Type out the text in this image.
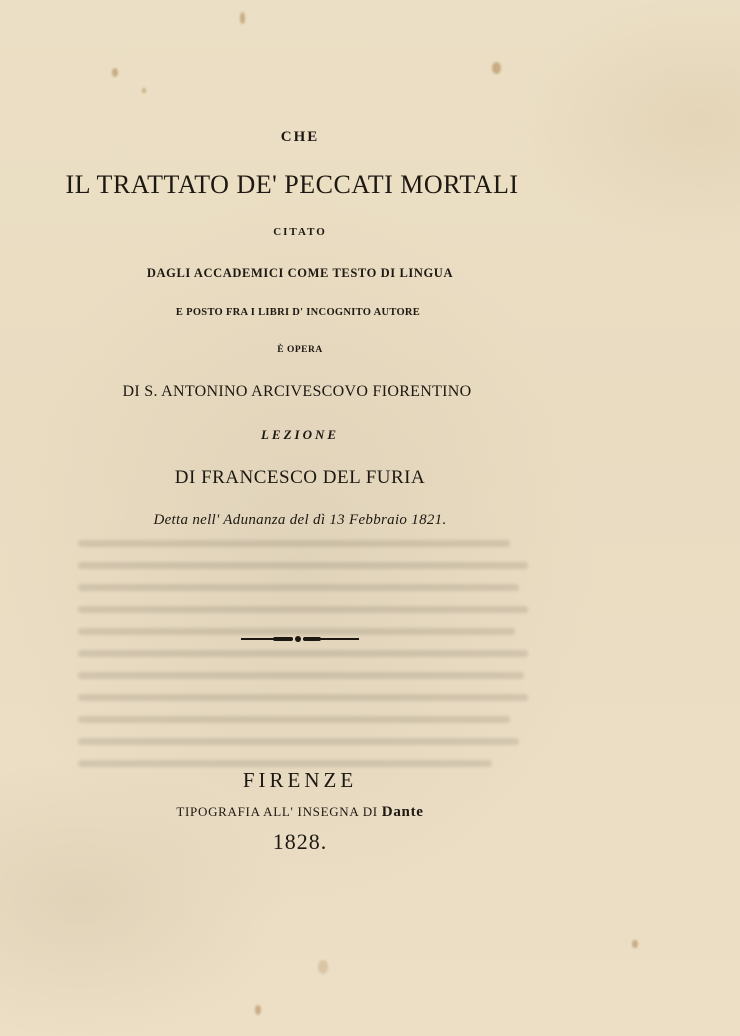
CHE
IL TRATTATO DE' PECCATI MORTALI
CITATO
DAGLI ACCADEMICI COME TESTO DI LINGUA
E POSTO FRA I LIBRI D' INCOGNITO AUTORE
È OPERA
DI S. ANTONINO ARCIVESCOVO FIORENTINO
LEZIONE
DI FRANCESCO DEL FURIA
Detta nell' Adunanza del dì 13 Febbraio 1821.
FIRENZE
TIPOGRAFIA ALL' INSEGNA DI Dante
1828.
